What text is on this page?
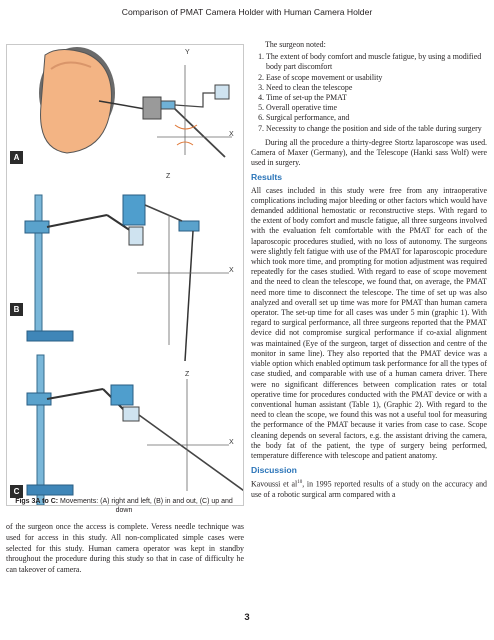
Comparison of PMAT Camera Holder with Human Camera Holder
A
B
C
Y
X
Z
X
Z
X
Figs 3A to C: Movements: (A) right and left, (B) in and out, (C) up and down
of the surgeon once the access is complete. Veress needle technique was used for access in this study. All non-complicated simple cases were selected for this study. Human camera operator was kept in standby throughout the procedure during this study so that in case of difficulty he can takeover of camera.

The surgeon noted:

1. The extent of body comfort and muscle fatigue, by using a modified body part discomfort
2. Ease of scope movement or usability
3. Need to clean the telescope
4. Time of set-up the PMAT
5. Overall operative time
6. Surgical performance, and
7. Necessity to change the position and side of the table during surgery

During all the procedure a thirty-degree Stortz laparoscope was used. Camera of Maxer (Germany), and the Telescope (Hanki sass Wolf) were used in surgery.

Results

All cases included in this study were free from any intraoperative complications including major bleeding or other factors which would have demanded additional hemostatic or reconstructive steps. With regard to the extent of body comfort and muscle fatigue, all three surgeons involved with the evaluation felt comfortable with the PMAT for each of the laparoscopic procedures studied, with no loss of autonomy. The surgeons were slightly felt fatigue with use of the PMAT for laparoscopic procedure which took more time, and prompting for motion adjustment was required repeatedly for the cases studied. With regard to ease of scope movement and the need to clean the telescope, we found that, on average, the PMAT need more time to disconnect the telescope. The time of set up was also analyzed and overall set up time was more for PMAT than human camera operator. The set-up time for all cases was under 5 min (graphic 1). With regard to surgical performance, all three surgeons reported that the PMAT device did not compromise surgical performance if co-axial alignment was maintained (Eye of the surgeon, target of dissection and centre of the monitor in same line). They also reported that the PMAT device was a viable option which enabled optimum task performance for all the types of case studied, and comparable with use of a human camera driver. There were no significant differences between complication rates or total operative time for procedures conducted with the PMAT device or with a conventional human assistant (Table 1), (Graphic 2). With regard to the need to clean the scope, we found this was not a useful tool for measuring the performance of the PMAT because it varies from case to case. Scope cleaning depends on several factors, e.g. the assistant driving the camera, the body fat of the patient, the type of surgery being performed, temperature difference with telescope and patient anatomy.

Discussion

Kavoussi et $al^{10}$, in 1995 reported results of a study on the accuracy and use of a robotic surgical arm compared with a

3
